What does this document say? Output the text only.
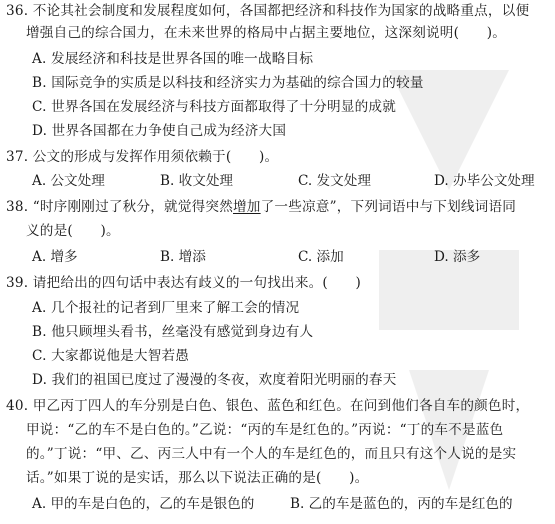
36. 不论其社会制度和发展程度如何，各国都把经济和科技作为国家的战略重点，以便
增强自己的综合国力，在未来世界的格局中占据主要地位，这深刻说明(　　)。
A. 发展经济和科技是世界各国的唯一战略目标
B. 国际竞争的实质是以科技和经济实力为基础的综合国力的较量
C. 世界各国在发展经济与科技方面都取得了十分明显的成就
D. 世界各国都在力争使自己成为经济大国
37. 公文的形成与发挥作用须依赖于(　　)。
A. 公文处理	B. 收文处理	C. 发文处理	D. 办毕公文处理
38. “时序刚刚过了秋分，就觉得突然增加了一些凉意”，下列词语中与下划线词语同
义的是(　　)。
A. 增多	B. 增添	C. 添加	D. 添多
39. 请把给出的四句话中表达有歧义的一句找出来。(　　)
A. 几个报社的记者到厂里来了解工会的情况
B. 他只顾埋头看书，丝毫没有感觉到身边有人
C. 大家都说他是大智若愚
D. 我们的祖国已度过了漫漫的冬夜，欢度着阳光明丽的春天
40. 甲乙丙丁四人的车分别是白色、银色、蓝色和红色。在问到他们各自车的颜色时，
甲说：“乙的车不是白色的。”乙说：“丙的车是红色的。”丙说：“丁的车不是蓝色
的。”丁说：“甲、乙、丙三人中有一个人的车是红色的，而且只有这个人说的是实
话。”如果丁说的是实话，那么以下说法正确的是(　　)。
A. 甲的车是白色的，乙的车是银色的	B. 乙的车是蓝色的，丙的车是红色的
